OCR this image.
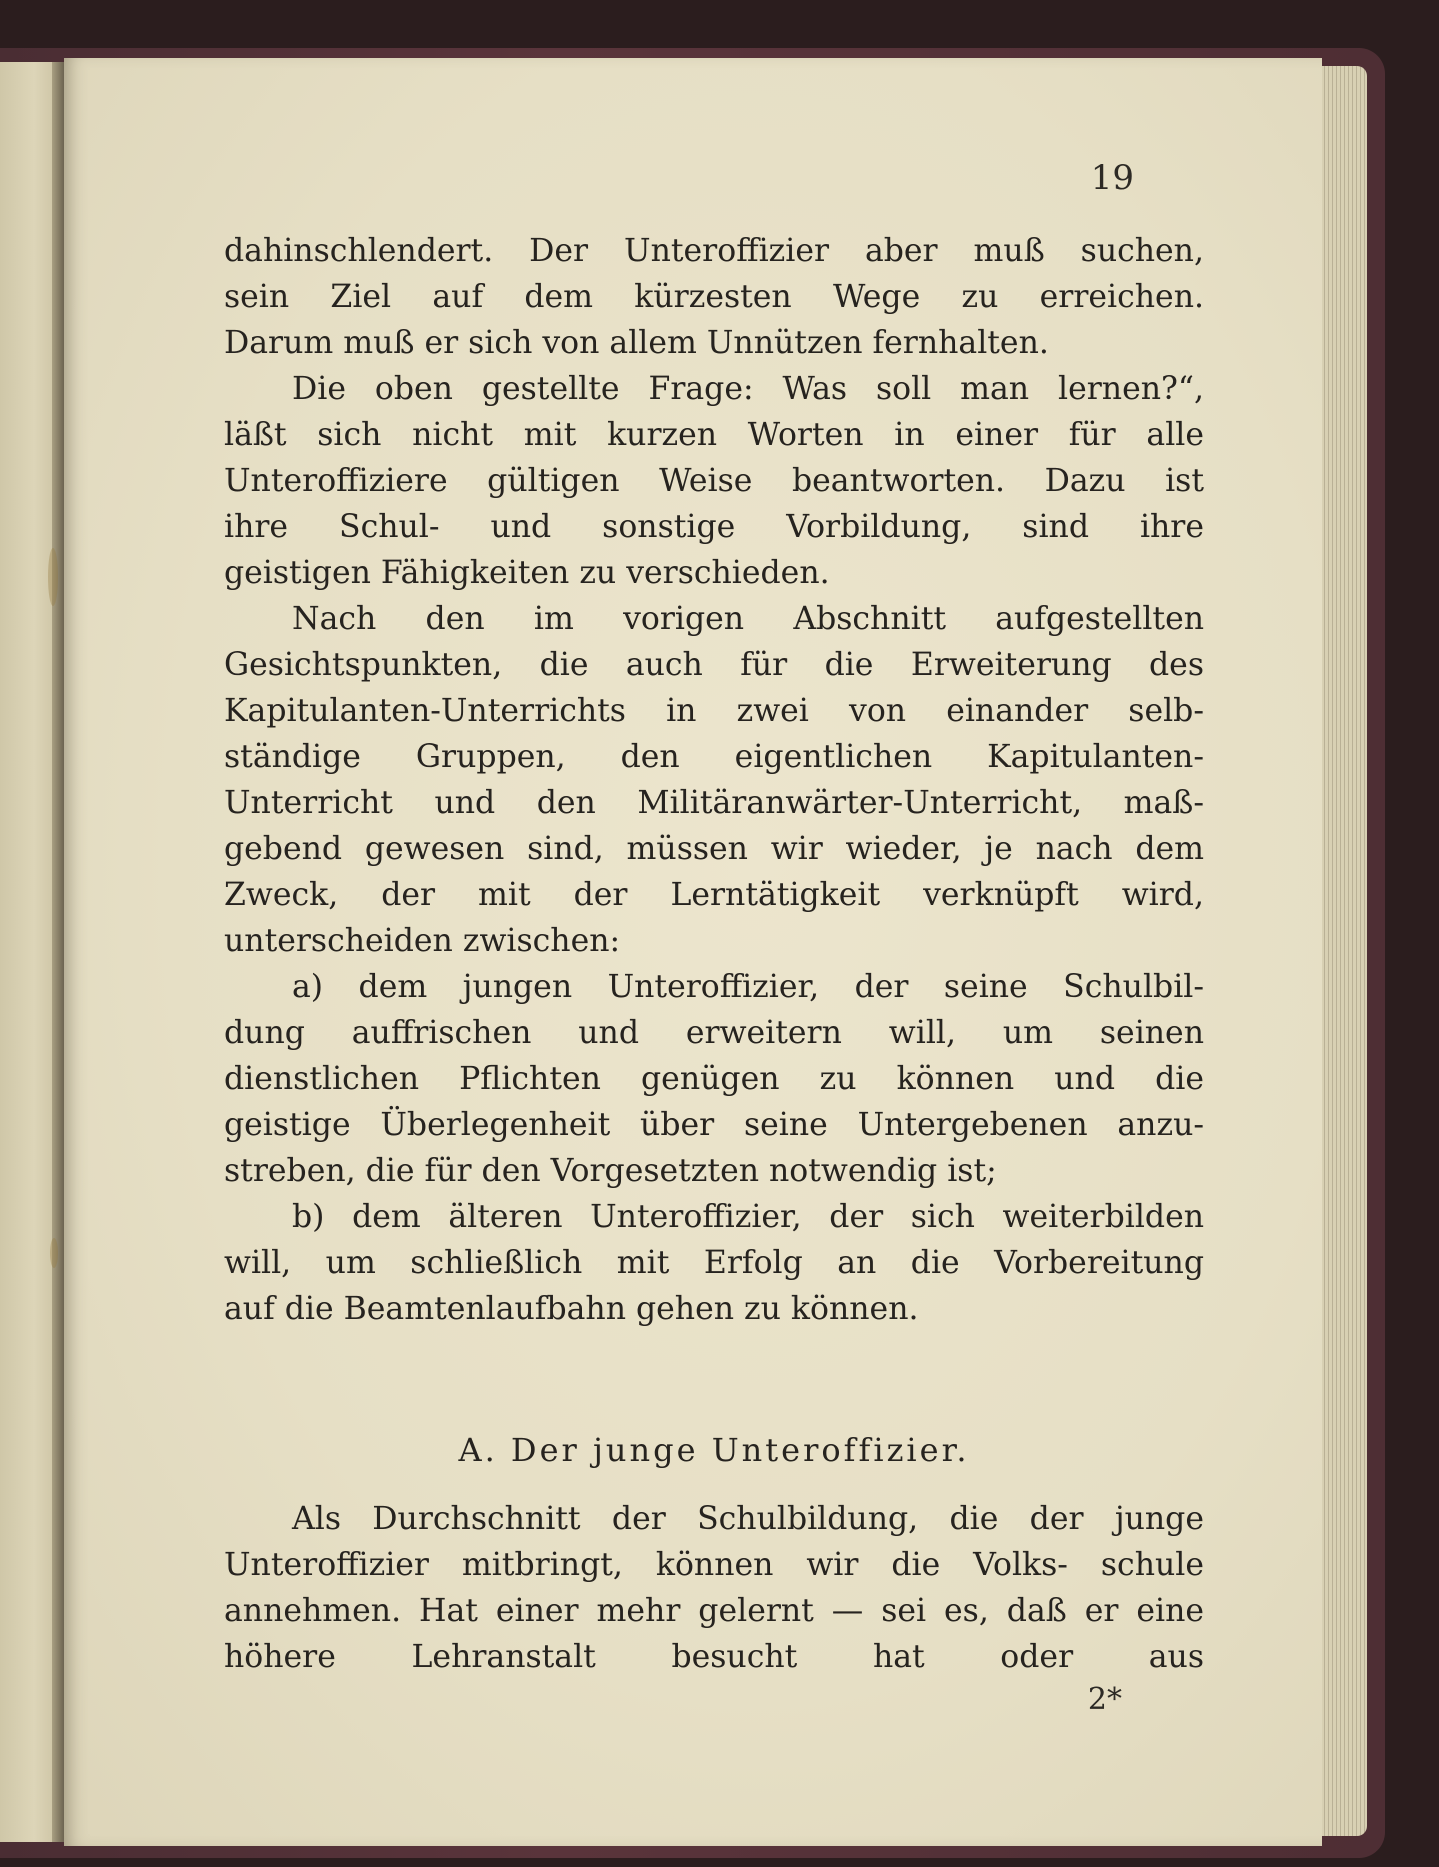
19
dahinschlendert. Der Unteroffizier aber muß suchen,
sein Ziel auf dem kürzesten Wege zu erreichen.
Darum muß er sich von allem Unnützen fernhalten.
Die oben gestellte Frage: Was soll man lernen?“,
läßt sich nicht mit kurzen Worten in einer für alle
Unteroffiziere gültigen Weise beantworten. Dazu ist
ihre Schul- und sonstige Vorbildung, sind ihre
geistigen Fähigkeiten zu verschieden.
Nach den im vorigen Abschnitt aufgestellten
Gesichtspunkten, die auch für die Erweiterung des
Kapitulanten-Unterrichts in zwei von einander selb-
ständige Gruppen, den eigentlichen Kapitulanten-
Unterricht und den Militäranwärter-Unterricht, maß-
gebend gewesen sind, müssen wir wieder, je nach dem
Zweck, der mit der Lerntätigkeit verknüpft wird,
unterscheiden zwischen:
a) dem jungen Unteroffizier, der seine Schulbil-
dung auffrischen und erweitern will, um seinen
dienstlichen Pflichten genügen zu können und die
geistige Überlegenheit über seine Untergebenen anzu-
streben, die für den Vorgesetzten notwendig ist;
b) dem älteren Unteroffizier, der sich weiterbilden
will, um schließlich mit Erfolg an die Vorbereitung
auf die Beamtenlaufbahn gehen zu können.
A. Der junge Unteroffizier.
Als Durchschnitt der Schulbildung, die der junge Unteroffizier mitbringt, können wir die Volks- schule annehmen. Hat einer mehr gelernt — sei es, daß er eine höhere Lehranstalt besucht hat oder aus
2*
